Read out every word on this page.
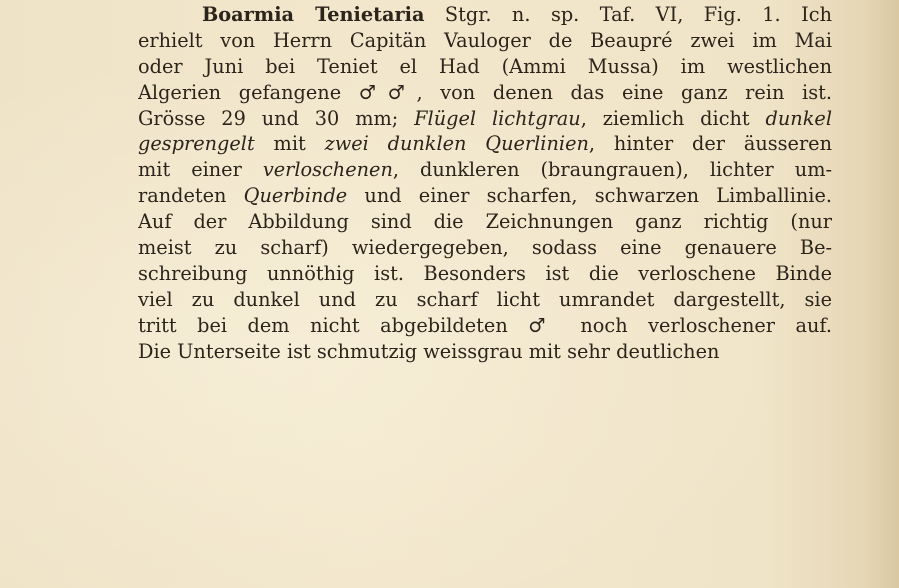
Boarmia Tenietaria Stgr. n. sp. Taf. VI, Fig. 1. Ich
erhielt von Herrn Capitän Vauloger de Beaupré zwei im Mai
oder Juni bei Teniet el Had (Ammi Mussa) im westlichen
Algerien gefangene ♂♂, von denen das eine ganz rein ist.
Grösse 29 und 30 mm; Flügel lichtgrau, ziemlich dicht dunkel
gesprengelt mit zwei dunklen Querlinien, hinter der äusseren
mit einer verloschenen, dunkleren (braungrauen), lichter um-
randeten Querbinde und einer scharfen, schwarzen Limballinie.
Auf der Abbildung sind die Zeichnungen ganz richtig (nur
meist zu scharf) wiedergegeben, sodass eine genauere Be-
schreibung unnöthig ist. Besonders ist die verloschene Binde
viel zu dunkel und zu scharf licht umrandet dargestellt, sie
tritt bei dem nicht abgebildeten ♂ noch verloschener auf.
Die Unterseite ist schmutzig weissgrau mit sehr deutlichen
